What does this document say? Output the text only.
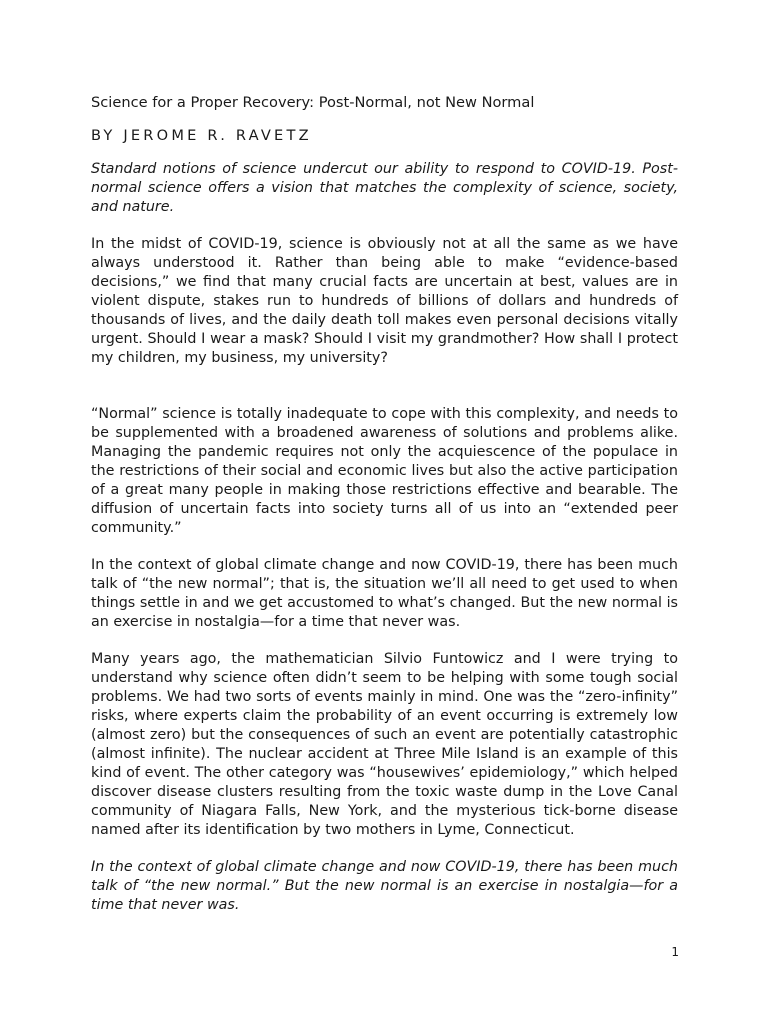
Science for a Proper Recovery: Post-Normal, not New Normal
BY JEROME R. RAVETZ

Standard notions of science undercut our ability to respond to COVID-19. Post-normal science offers a vision that matches the complexity of science, society, and nature.

In the midst of COVID-19, science is obviously not at all the same as we have always understood it. Rather than being able to make “evidence-based decisions,” we find that many crucial facts are uncertain at best, values are in violent dispute, stakes run to hundreds of billions of dollars and hundreds of thousands of lives, and the daily death toll makes even personal decisions vitally urgent. Should I wear a mask? Should I visit my grandmother? How shall I protect my children, my business, my university?

“Normal” science is totally inadequate to cope with this complexity, and needs to be supplemented with a broadened awareness of solutions and problems alike. Managing the pandemic requires not only the acquiescence of the populace in the restrictions of their social and economic lives but also the active participation of a great many people in making those restrictions effective and bearable. The diffusion of uncertain facts into society turns all of us into an “extended peer community.”

In the context of global climate change and now COVID-19, there has been much talk of “the new normal”; that is, the situation we’ll all need to get used to when things settle in and we get accustomed to what’s changed. But the new normal is an exercise in nostalgia—for a time that never was.

Many years ago, the mathematician Silvio Funtowicz and I were trying to understand why science often didn’t seem to be helping with some tough social problems. We had two sorts of events mainly in mind. One was the “zero-infinity” risks, where experts claim the probability of an event occurring is extremely low (almost zero) but the consequences of such an event are potentially catastrophic (almost infinite). The nuclear accident at Three Mile Island is an example of this kind of event. The other category was “housewives’ epidemiology,” which helped discover disease clusters resulting from the toxic waste dump in the Love Canal community of Niagara Falls, New York, and the mysterious tick-borne disease named after its identification by two mothers in Lyme, Connecticut.

In the context of global climate change and now COVID-19, there has been much talk of “the new normal.” But the new normal is an exercise in nostalgia—for a time that never was.

1
